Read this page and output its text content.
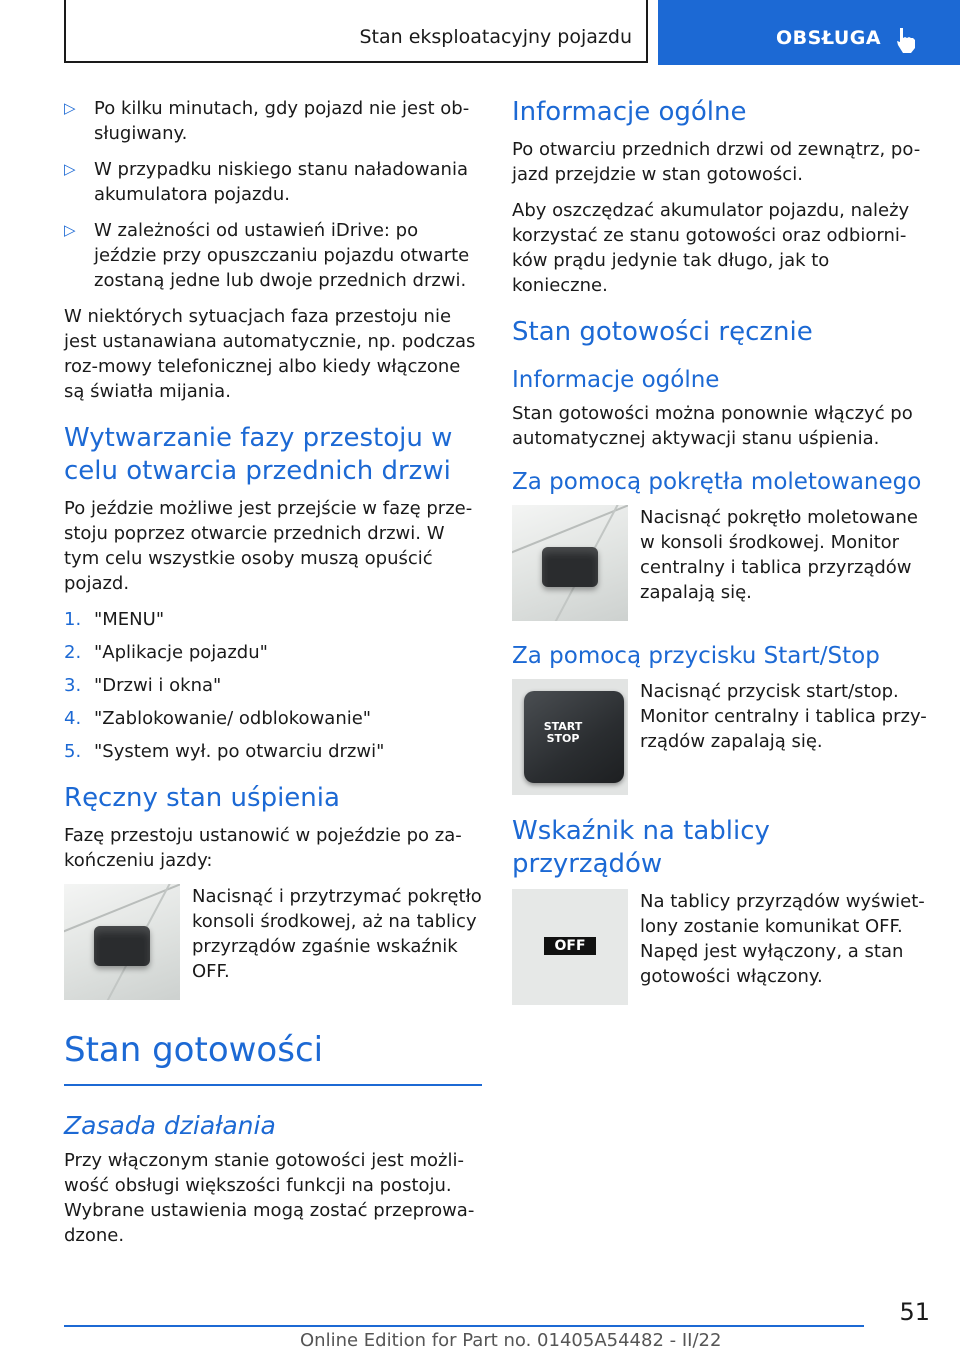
Stan eksploatacyjny pojazdu	OBSŁUGA
▷ Po kilku minutach, gdy pojazd nie jest ob-sługiwany.
▷ W przypadku niskiego stanu naładowania akumulatora pojazdu.
▷ W zależności od ustawień iDrive: po jeździe przy opuszczaniu pojazdu otwarte zostaną jedne lub dwoje przednich drzwi.

W niektórych sytuacjach faza przestoju nie jest ustanawiana automatycznie, np. podczas roz-mowy telefonicznej albo kiedy włączone są światła mijania.

Wytwarzanie fazy przestoju w celu otwarcia przednich drzwi

Po jeździe możliwe jest przejście w fazę prze-stoju poprzez otwarcie przednich drzwi. W tym celu wszystkie osoby muszą opuścić pojazd.

1. "MENU"
2. "Aplikacje pojazdu"
3. "Drzwi i okna"
4. "Zablokowanie/ odblokowanie"
5. "System wył. po otwarciu drzwi"
Ręczny stan uśpienia

Fazę przestoju ustanowić w pojeździe po za-kończeniu jazdy:

Nacisnąć i przytrzymać pokrętło konsoli środkowej, aż na tablicy przyrządów zgaśnie wskaźnik OFF.
Stan gotowości
Zasada działania

Przy włączonym stanie gotowości jest możli-wość obsługi większości funkcji na postoju. Wybrane ustawienia mogą zostać przeprowa-dzone.

Informacje ogólne

Po otwarciu przednich drzwi od zewnątrz, po-jazd przejdzie w stan gotowości.

Aby oszczędzać akumulator pojazdu, należy korzystać ze stanu gotowości oraz odbiorni-ków prądu jedynie tak długo, jak to konieczne.

Stan gotowości ręcznie
Informacje ogólne

Stan gotowości można ponownie włączyć po automatycznej aktywacji stanu uśpienia.

Za pomocą pokrętła moletowanego
Nacisnąć pokrętło moletowane w konsoli środkowej. Monitor centralny i tablica przyrządów zapalają się.
Za pomocą przycisku Start/Stop
START
STOP
Nacisnąć przycisk start/stop. Monitor centralny i tablica przy-rządów zapalają się.
Wskaźnik na tablicy przyrządów
OFF
Na tablicy przyrządów wyświet-lony zostanie komunikat OFF. Napęd jest wyłączony, a stan gotowości włączony.
51
Online Edition for Part no. 01405A54482 - II/22
